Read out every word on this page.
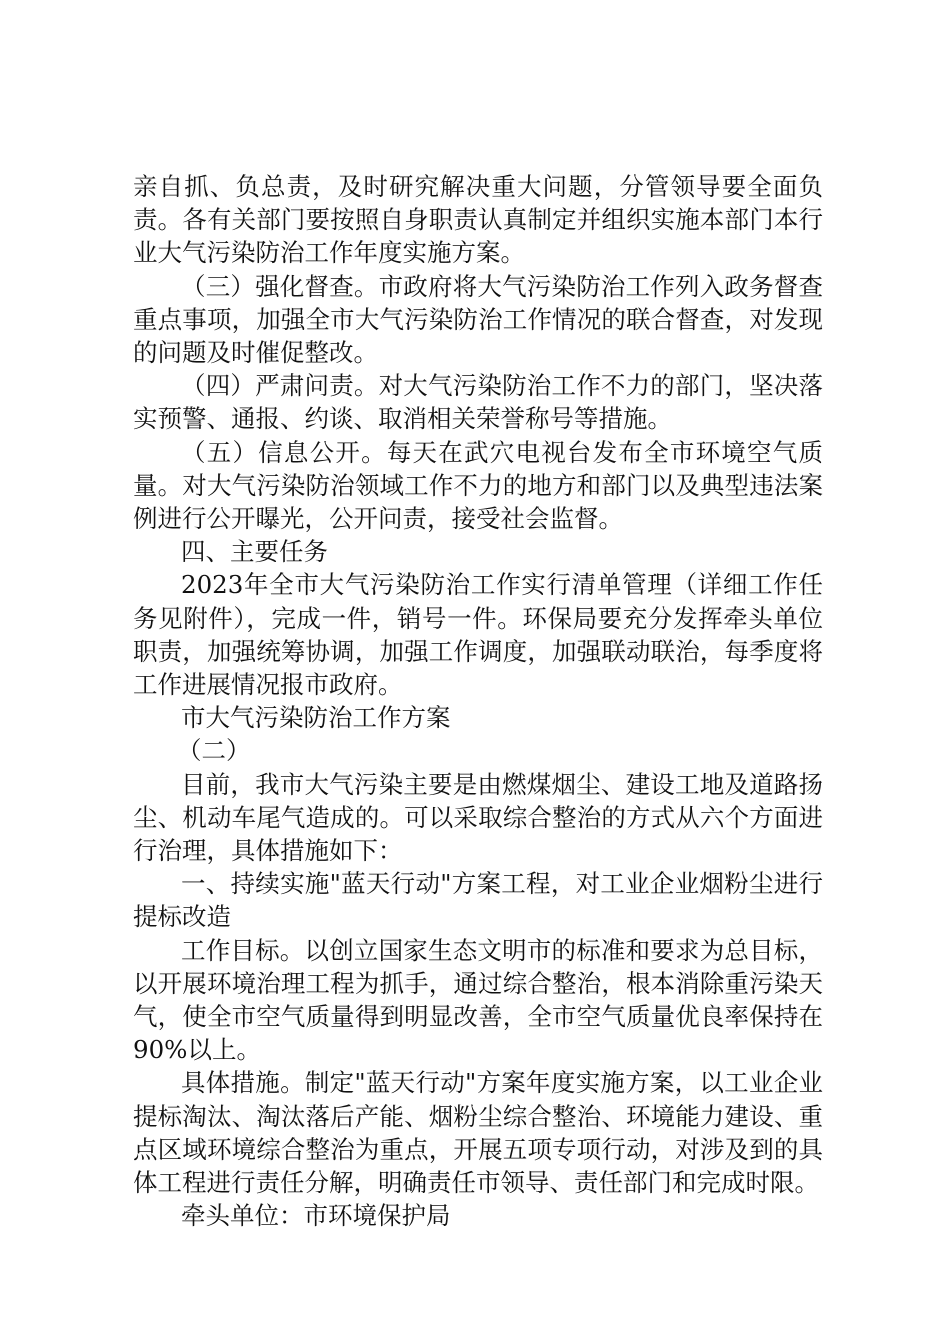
亲自抓、负总责，及时研究解决重大问题，分管领导要全面负责。各有关部门要按照自身职责认真制定并组织实施本部门本行业大气污染防治工作年度实施方案。

（三）强化督查。市政府将大气污染防治工作列入政务督查重点事项，加强全市大气污染防治工作情况的联合督查，对发现的问题及时催促整改。

（四）严肃问责。对大气污染防治工作不力的部门，坚决落实预警、通报、约谈、取消相关荣誉称号等措施。

（五）信息公开。每天在武穴电视台发布全市环境空气质量。对大气污染防治领域工作不力的地方和部门以及典型违法案例进行公开曝光，公开问责，接受社会监督。

四、主要任务

2023年全市大气污染防治工作实行清单管理（详细工作任务见附件），完成一件，销号一件。环保局要充分发挥牵头单位职责，加强统筹协调，加强工作调度，加强联动联治，每季度将工作进展情况报市政府。

市大气污染防治工作方案

（二）

目前，我市大气污染主要是由燃煤烟尘、建设工地及道路扬尘、机动车尾气造成的。可以采取综合整治的方式从六个方面进行治理，具体措施如下：

一、持续实施"蓝天行动"方案工程，对工业企业烟粉尘进行提标改造

工作目标。以创立国家生态文明市的标准和要求为总目标，以开展环境治理工程为抓手，通过综合整治，根本消除重污染天气，使全市空气质量得到明显改善，全市空气质量优良率保持在90%以上。

具体措施。制定"蓝天行动"方案年度实施方案，以工业企业提标淘汰、淘汰落后产能、烟粉尘综合整治、环境能力建设、重点区域环境综合整治为重点，开展五项专项行动，对涉及到的具体工程进行责任分解，明确责任市领导、责任部门和完成时限。

牵头单位：市环境保护局
